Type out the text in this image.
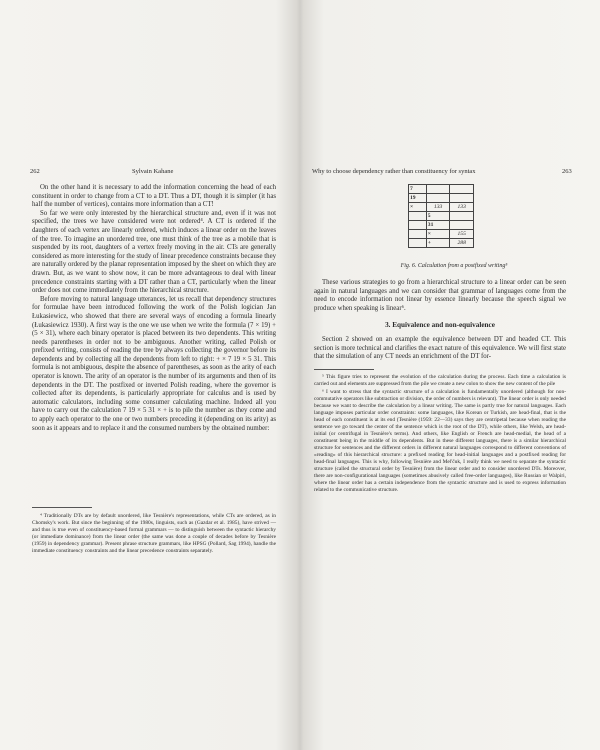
262	Sylvain Kahane

On the other hand it is necessary to add the information concerning the head of each constituent in order to change from a CT to a DT. Thus a DT, though it is simpler (it has half the number of vertices), contains more information than a CT!

So far we were only interested by the hierarchical structure and, even if it was not specified, the trees we have considered were not ordered⁴. A CT is ordered if the daughters of each vertex are linearly ordered, which induces a linear order on the leaves of the tree. To imagine an unordered tree, one must think of the tree as a mobile that is suspended by its root, daughters of a vertex freely moving in the air. CTs are generally considered as more interesting for the study of linear precedence constraints because they are naturally ordered by the planar representation imposed by the sheet on which they are drawn. But, as we want to show now, it can be more advantageous to deal with linear precedence constraints starting with a DT rather than a CT, particularly when the linear order does not come immediately from the hierarchical structure.

Before moving to natural language utterances, let us recall that dependency structures for formulae have been introduced following the work of the Polish logician Jan Łukasiewicz, who showed that there are several ways of encoding a formula linearly (Łukasiewicz 1930). A first way is the one we use when we write the formula (7 × 19) + (5 × 31), where each binary operator is placed between its two dependents. This writing needs parentheses in order not to be ambiguous. Another writing, called Polish or prefixed writing, consists of reading the tree by always collecting the governor before its dependents and by collecting all the dependents from left to right: + × 7 19 × 5 31. This formula is not ambiguous, despite the absence of parentheses, as soon as the arity of each operator is known. The arity of an operator is the number of its arguments and then of its dependents in the DT. The postfixed or inverted Polish reading, where the governor is collected after its dependents, is particularly appropriate for calculus and is used by automatic calculators, including some consumer calculating machine. Indeed all you have to carry out the calculation 7 19 × 5 31 × + is to pile the number as they come and to apply each operator to the one or two numbers preceding it (depending on its arity) as soon as it appears and to replace it and the consumed numbers by the obtained number:

⁴ Traditionally DTs are by default unordered, like Tesnière's representations, while CTs are ordered, as in Chomsky's work. But since the beginning of the 1980s, linguists, such as (Gazdar et al. 1985), have strived — and thus is true even of constituency-based formal grammars — to distinguish between the syntactic hierarchy (or immediate dominance) from the linear order (the same was done a couple of decades before by Tesnière (1959) in dependency grammar). Present phrase structure grammars, like HPSG (Pollard, Sag 1994), handle the immediate constituency constraints and the linear precedence constraints separately.

Why to choose dependency rather than constituency for syntax	263
7		
19		
×	133	133
	5	
	31	
	×	155
	+	288
Fig. 6. Calculation from a postfixed writing⁵

These various strategies to go from a hierarchical structure to a linear order can be seen again in natural languages and we can consider that grammar of languages come from the need to encode information not linear by essence linearly because the speech signal we produce when speaking is linear⁶.

3. Equivalence and non-equivalence

Section 2 showed on an example the equivalence between DT and headed CT. This section is more technical and clarifies the exact nature of this equivalence. We will first state that the simulation of any CT needs an enrichment of the DT for-

⁵ This figure tries to represent the evolution of the calculation during the process. Each time a calculation is carried out and elements are suppressed from the pile we create a new colon to show the new content of the pile

⁶ I want to stress that the syntactic structure of a calculation is fundamentally unordered (although for non-commutative operators like subtraction or division, the order of numbers is relevant). The linear order is only needed because we want to describe the calculation by a linear writing. The same is partly true for natural languages. Each language imposes particular order constraints: some languages, like Korean or Turkish, are head-final, that is the head of each constituent is at its end (Tesnière (1959: 22—33) says they are centripetal because when reading the sentence we go toward the center of the sentence which is the root of the DT), while others, like Welsh, are head-initial (or centrifugal in Tesnière's terms). And others, like English or French are head-medial, the head of a constituent being in the middle of its dependents. But in these different languages, there is a similar hierarchical structure for sentences and the different orders in different natural languages correspond to different conventions of «reading» of this hierarchical structure: a prefixed reading for head-initial languages and a postfixed reading for head-final languages. This is why, following Tesnière and Mel'čuk, I really think we need to separate the syntactic structure (called the structural order by Tesnière) from the linear order and to consider unordered DTs. Moreover, there are non-configurational languages (sometimes abusively called free-order languages), like Russian or Walpiri, where the linear order has a certain independence from the syntactic structure and is used to express information related to the communicative structure.
